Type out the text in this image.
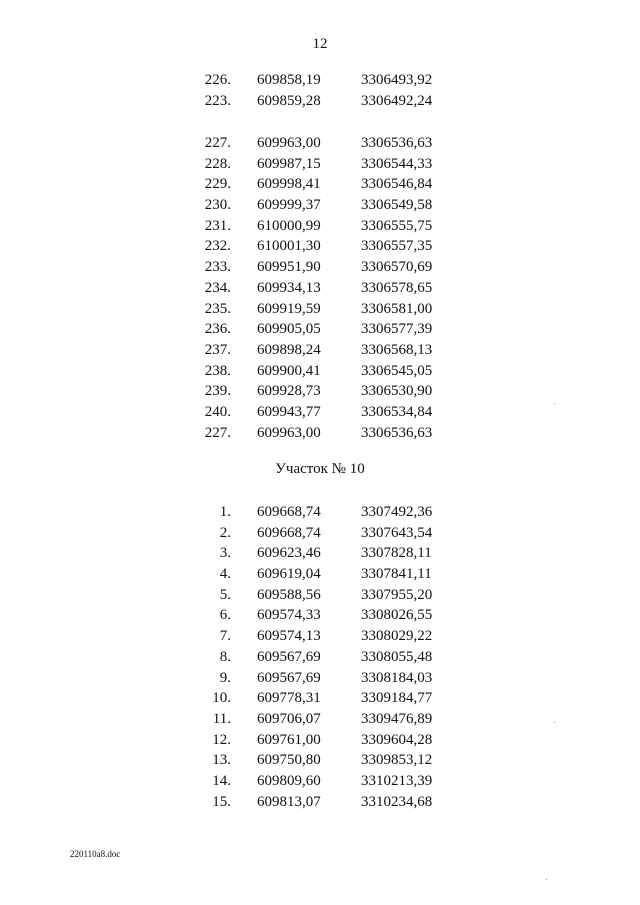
12
226. 609858,19	3306493,92
223. 609859,28	3306492,24
227. 609963,00	3306536,63
228. 609987,15	3306544,33
229. 609998,41	3306546,84
230. 609999,37	3306549,58
231. 610000,99	3306555,75
232. 610001,30	3306557,35
233. 609951,90	3306570,69
234. 609934,13	3306578,65
235. 609919,59	3306581,00
236. 609905,05	3306577,39
237. 609898,24	3306568,13
238. 609900,41	3306545,05
239. 609928,73	3306530,90
240. 609943,77	3306534,84
227. 609963,00	3306536,63
Участок № 10
1. 609668,74	3307492,36
2. 609668,74	3307643,54
3. 609623,46	3307828,11
4. 609619,04	3307841,11
5. 609588,56	3307955,20
6. 609574,33	3308026,55
7. 609574,13	3308029,22
8. 609567,69	3308055,48
9. 609567,69	3308184,03
10. 609778,31	3309184,77
11. 609706,07	3309476,89
12. 609761,00	3309604,28
13. 609750,80	3309853,12
14. 609809,60	3310213,39
15. 609813,07	3310234,68
220110a8.doc
